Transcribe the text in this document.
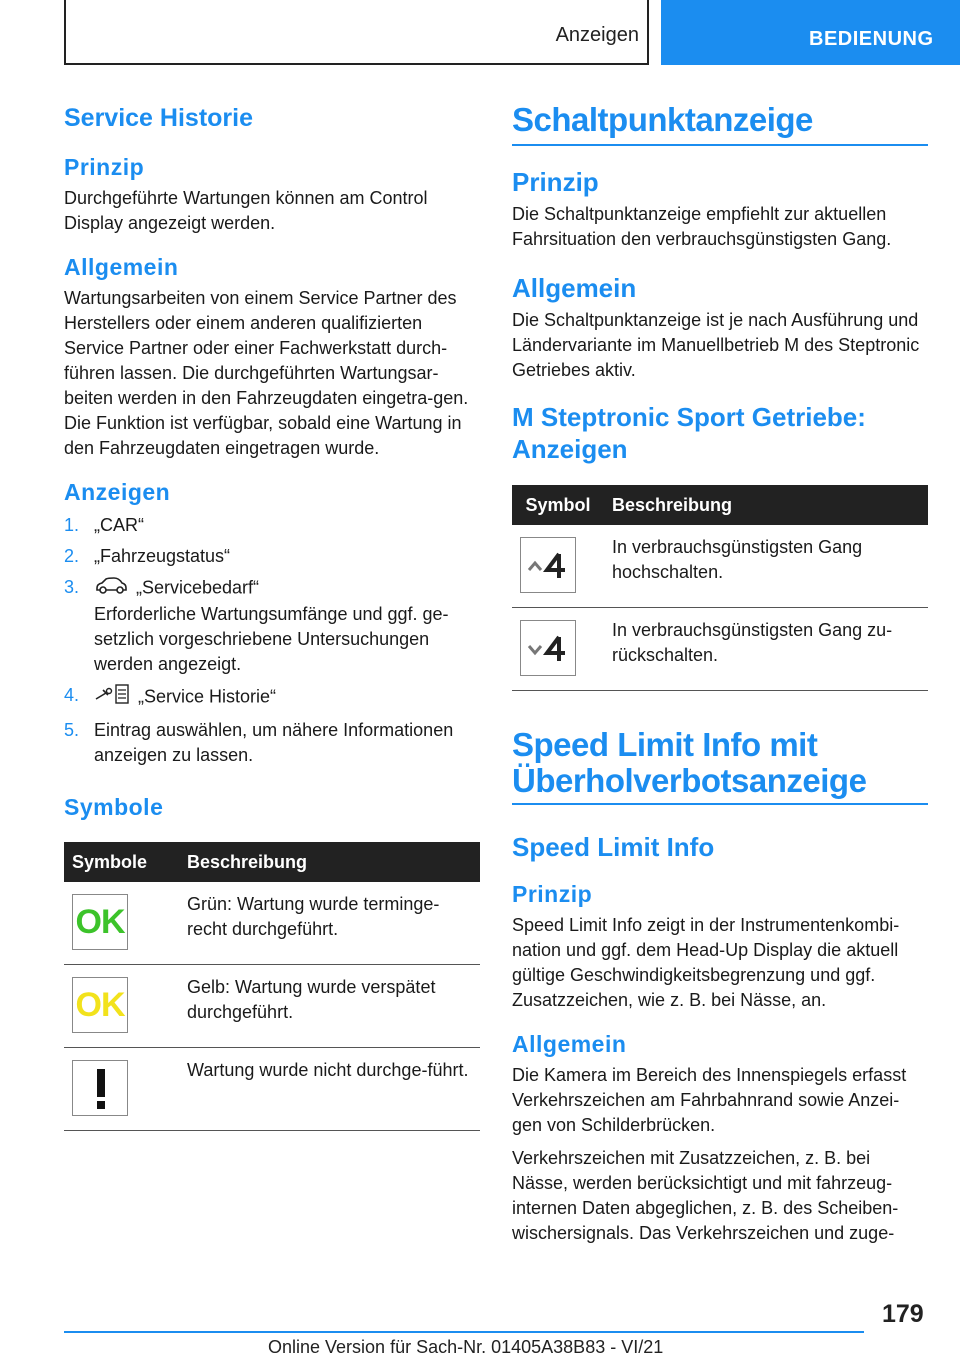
Anzeigen	BEDIENUNG
Service Historie
Prinzip

Durchgeführte Wartungen können am Control Display angezeigt werden.

Allgemein

Wartungsarbeiten von einem Service Partner des Herstellers oder einem anderen qualifizierten Service Partner oder einer Fachwerkstatt durch-führen lassen. Die durchgeführten Wartungsar-beiten werden in den Fahrzeugdaten eingetra-gen. Die Funktion ist verfügbar, sobald eine Wartung in den Fahrzeugdaten eingetragen wurde.

Anzeigen
1. „CAR“
2. „Fahrzeugstatus“
3.	„Servicebedarf“
Erforderliche Wartungsumfänge und ggf. ge-setzlich vorgeschriebene Untersuchungen werden angezeigt.
4.	„Service Historie“
5. Eintrag auswählen, um nähere Informationen anzeigen zu lassen.
Symbole
Symbole	Beschreibung

OK	Grün: Wartung wurde terminge-recht durchgeführt.

OK	Gelb: Wartung wurde verspätet durchgeführt.

	Wartung wurde nicht durchge-führt.
Schaltpunktanzeige
Prinzip

Die Schaltpunktanzeige empfiehlt zur aktuellen Fahrsituation den verbrauchsgünstigsten Gang.

Allgemein

Die Schaltpunktanzeige ist je nach Ausführung und Ländervariante im Manuellbetrieb M des Steptronic Getriebes aktiv.

M Steptronic Sport Getriebe: Anzeigen
Symbol	Beschreibung

	In verbrauchsgünstigsten Gang hochschalten.

	In verbrauchsgünstigsten Gang zu-rückschalten.
Speed Limit Info mit Überholverbotsanzeige
Speed Limit Info
Prinzip

Speed Limit Info zeigt in der Instrumentenkombi-nation und ggf. dem Head-Up Display die aktuell gültige Geschwindigkeitsbegrenzung und ggf. Zusatzzeichen, wie z. B. bei Nässe, an.

Allgemein

Die Kamera im Bereich des Innenspiegels erfasst Verkehrszeichen am Fahrbahnrand sowie Anzei-gen von Schilderbrücken.

Verkehrszeichen mit Zusatzzeichen, z. B. bei Nässe, werden berücksichtigt und mit fahrzeug-internen Daten abgeglichen, z. B. des Scheiben-wischersignals. Das Verkehrszeichen und zuge-

179
Online Version für Sach-Nr. 01405A38B83 - VI/21
